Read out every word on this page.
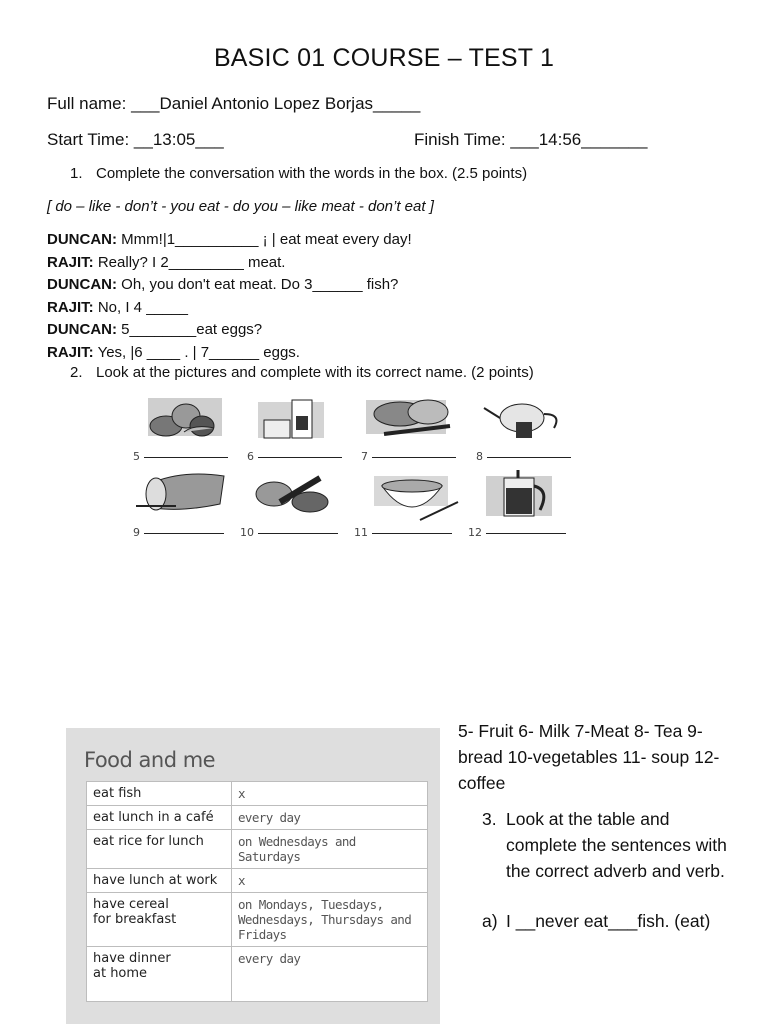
BASIC 01 COURSE – TEST 1
Full name: ___Daniel Antonio Lopez Borjas_____
Start Time: __13:05___	Finish Time: ___14:56_______
1. Complete the conversation with the words in the box. (2.5 points)
[ do – like - don’t - you eat - do you – like meat - don’t eat ]
DUNCAN: Mmm!|1__________ ¡ | eat meat every day!
RAJIT: Really? I 2_________ meat.
DUNCAN: Oh, you don't eat meat. Do 3______ fish?
RAJIT: No, I 4 _____
DUNCAN: 5________eat eggs?
RAJIT: Yes, |6 ____ . | 7______ eggs.
2. Look at the pictures and complete with its correct name. (2 points)
5	6	7	8
9	10	11	12
Food and me
eat fish	x
eat lunch in a café	every day
eat rice for lunch	on Wednesdays and Saturdays
have lunch at work	x
have cereal
for breakfast	on Mondays, Tuesdays,
Wednesdays, Thursdays and
Fridays
have dinner
at home	every day
5- Fruit 6- Milk 7-Meat 8- Tea 9- bread 10-vegetables 11- soup 12- coffee
3. Look at the table and complete the sentences with the correct adverb and verb.
a) I __never eat___fish. (eat)
